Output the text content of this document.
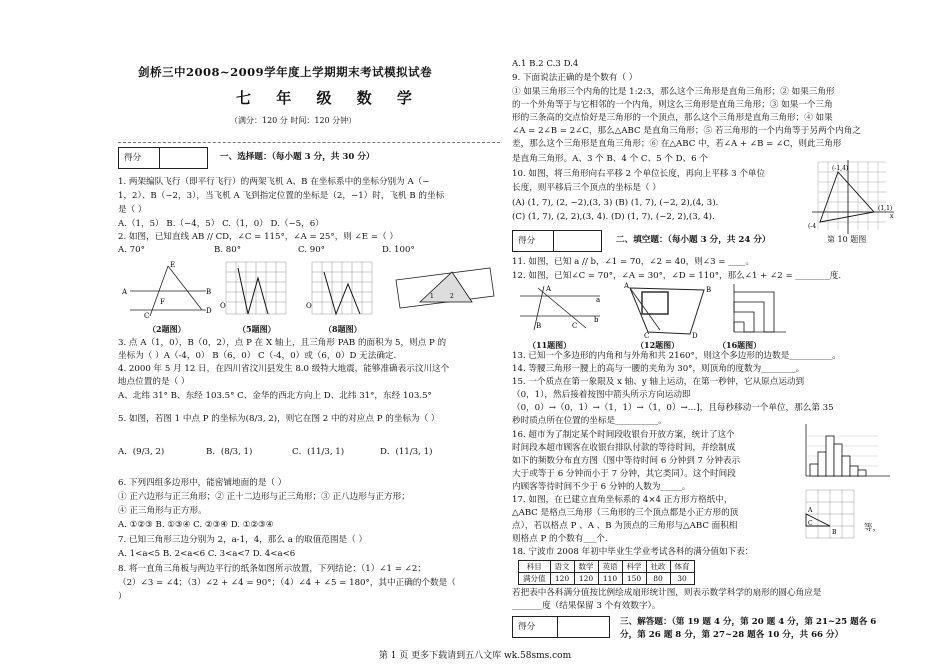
剑桥三中2008~2009学年度上学期期末考试模拟试卷
七 年 级 数 学
（满分：120 分 时间：120 分钟）
得分	一、选择题：（每小题 3 分，共 30 分）
1. 两架编队飞行（即平行飞行）的两架飞机 A、B 在坐标系中的坐标分别为 A（−
1，2）、B（−2，3），当飞机 A 飞到指定位置的坐标是（2，−1）时，飞机 B 的坐标
是（ ）
A.（1，5） B.（−4，5） C.（1，0） D.（−5，6）
2. 如图，已知直线 AB // CD，∠C = 115°，∠A = 25°，则 ∠E =（ ）
A. 70°	B. 80°	C. 90°	D. 100°
A
F
E
B
D
C
O	O
1	2
（2题图）	（5题图）	（8题图）
3. 点 A（1，0），B（0，2），点 P 在 X 轴上，且三角形 PAB 的面积为 5，则点 P 的
坐标为（ ）A（-4，0） B（6，0） C（-4，0）或（6，0）D 无法确定.
4. 2000 年 5 月 12 日，在四川省汶川县发生 8.0 级特大地震，能够准确表示汶川这个
地点位置的是（ ）
A、北纬 31° B、东经 103.5° C、金华的西北方向上 D、北纬 31°，东经 103.5°
5. 如图，若图 1 中点 P 的坐标为(8/3, 2)，则它在图 2 中的对应点 P 的坐标为（ ）
A．(9/3, 2)	B．(8/3, 1)	C．(11/3, 1)	D．(11/3, 1)
6. 下列四组多边形中，能密铺地面的是（ ）
① 正六边形与正三角形；② 正十二边形与正三角形；③ 正八边形与正方形；
④ 正三角形与正方形。
A. ①②③ B. ①③④ C. ②③④ D. ①②③④
7. 已知三角形三边分别为 2，a-1，4，那么 a 的取值范围是（ ）
A. 1<a<5 B. 2<a<6 C. 3<a<7 D. 4<a<6
8. 将一直角三角板与两边平行的纸条如图所示放置，下列结论：（1）∠1 = ∠2；
（2）∠3 = ∠4；（3）∠2 + ∠4 = 90°；（4）∠4 + ∠5 = 180°，其中正确的个数是（
）
A.1 B.2 C.3 D.4
9. 下面说法正确的是个数有（ ）
① 如果三角形三个内角的比是 1:2:3，那么这个三角形是直角三角形；② 如果三角形
的一个外角等于与它相邻的一个内角，则这么三角形是直角三角形；③ 如果一个三角
形的三条高的交点恰好是三角形的一个顶点，那么这个三角形是直角三角形；④ 如果
∠A = 2∠B = 2∠C，那么△ABC 是直角三角形；⑤ 若三角形的一个内角等于另两个内角之
差，那么这个三角形是直角三角形；⑥ 在△ABC 中，若∠A + ∠B = ∠C，则此三角形
是直角三角形。A、3 个 B、4 个 C、5 个 D、6 个
10. 如图，将三角形向右平移 2 个单位长度，再向上平移 3 个单位
长度，则平移后三个顶点的坐标是（ ）
(A) (1, 7), (2, −2),(3, 3) (B) (1, 7), (−2, 2),(4, 3).
(C) (1, 7), (2, 2),(3, 4). (D) (1, 7), (−2, 2),(3, 4).
(-1,4)
(1,1)
x
(-4
第 10 题图
得分	二、填空题：（每小题 3 分，共 24 分）
11. 如图，已知 a // b，∠1 = 70，∠2 = 40，则∠3 = ____。
12. 如图，已知∠C = 70°，∠A = 30°，∠D = 110°，那么∠1 + ∠2 = ________度.
A
a
b
B	C
A	B
C	D
（11题图）	（12题图）	（16题图）
13. 已知一个多边形的内角和与外角和共 2160°，则这个多边形的边数是__________。
14. 等腰三角形一腰上的高与一腰的夹角为 30°，则顶角的度数为________。
15. 一个质点在第一象限及 x 轴、y 轴上运动，在第一秒钟，它从原点运动到
（0，1），然后接着按图中箭头所示方向运动即
（0，0）→（0，1）→（1，1）→（1，0）→…]，且每秒移动一个单位，那么第 35
秒时质点所在位置的坐标是__________。
16. 超市为了制定某个时间段收银台开放方案，统计了这个
时间段本超市顾客在收银台排队付款的等待时间，并绘制成
如下的频数分布直方图（图中等待时间 6 分钟到 7 分钟表示
大于或等于 6 分钟而小于 7 分钟，其它类同）。这个时间段
内顾客等待时间不少于 6 分钟的人数为_____。
17. 如图，在已建立直角坐标系的 4×4 正方形方格纸中，
△ABC 是格点三角形（三角形的三个顶点都是小正方形的顶
点），若以格点 P 、A 、B 为顶点的三角形与△ABC 面积相	等，
则格点 P 的个数有___个.
A
C
B
18. 宁波市 2008 年初中毕业生学业考试各科的满分值如下表：
科目	语文	数学	英语	科学	社政	体育
满分值	120	120	110	150	80	30
若把表中各科满分值按比例绘成扇形统计图，则表示数学科学的扇形的圆心角应是
_______度（结果保留 3 个有效数字）。
得分	三、解答题：（第 19 题 4 分，第 20 题 4 分，第 21~25 题各 6
分，第 26 题 8 分，第 27~28 题各 10 分，共 66 分）
第 1 页 更多下载请到五八文库 wk.58sms.com
